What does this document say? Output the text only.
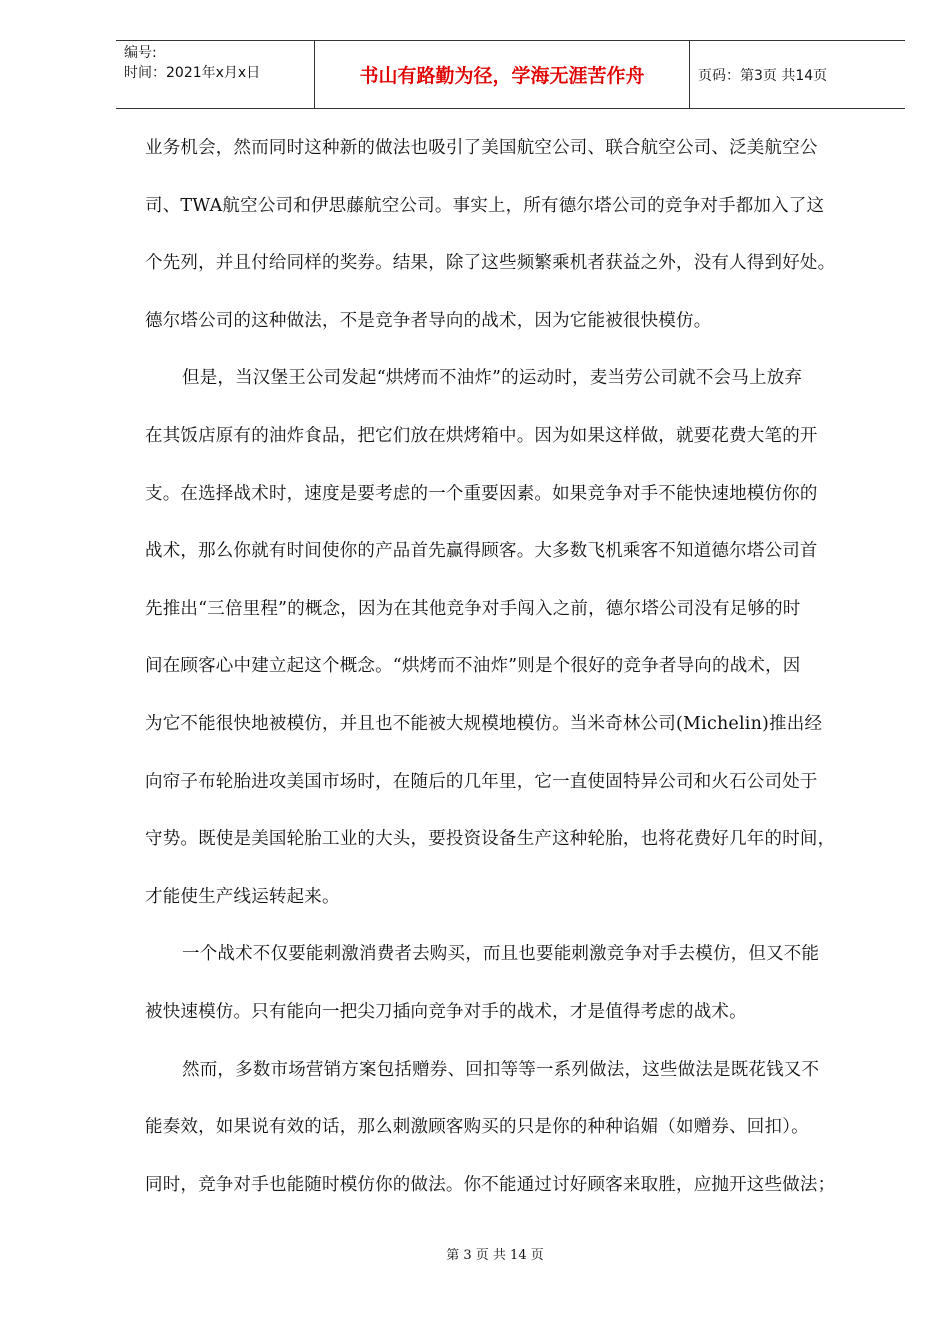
编号:
时间：2021年x月x日	书山有路勤为径，学海无涯苦作舟	页码：第3页 共14页
业务机会，然而同时这种新的做法也吸引了美国航空公司、联合航空公司、泛美航空公
司、TWA航空公司和伊思藤航空公司。事实上，所有德尔塔公司的竞争对手都加入了这
个先列，并且付给同样的奖券。结果，除了这些频繁乘机者获益之外，没有人得到好处。
德尔塔公司的这种做法，不是竞争者导向的战术，因为它能被很快模仿。
但是，当汉堡王公司发起“烘烤而不油炸”的运动时，麦当劳公司就不会马上放弃
在其饭店原有的油炸食品，把它们放在烘烤箱中。因为如果这样做，就要花费大笔的开
支。在选择战术时，速度是要考虑的一个重要因素。如果竞争对手不能快速地模仿你的
战术，那么你就有时间使你的产品首先赢得顾客。大多数飞机乘客不知道德尔塔公司首
先推出“三倍里程”的概念，因为在其他竞争对手闯入之前，德尔塔公司没有足够的时
间在顾客心中建立起这个概念。“烘烤而不油炸”则是个很好的竞争者导向的战术，因
为它不能很快地被模仿，并且也不能被大规模地模仿。当米奇林公司(Michelin)推出经
向帘子布轮胎进攻美国市场时，在随后的几年里，它一直使固特异公司和火石公司处于
守势。既使是美国轮胎工业的大头，要投资设备生产这种轮胎，也将花费好几年的时间，
才能使生产线运转起来。
一个战术不仅要能刺激消费者去购买，而且也要能刺激竞争对手去模仿，但又不能
被快速模仿。只有能向一把尖刀插向竞争对手的战术，才是值得考虑的战术。
然而，多数市场营销方案包括赠券、回扣等等一系列做法，这些做法是既花钱又不
能奏效，如果说有效的话，那么刺激顾客购买的只是你的种种谄媚（如赠券、回扣）。
同时，竞争对手也能随时模仿你的做法。你不能通过讨好顾客来取胜，应抛开这些做法；
第 3 页 共 14 页
